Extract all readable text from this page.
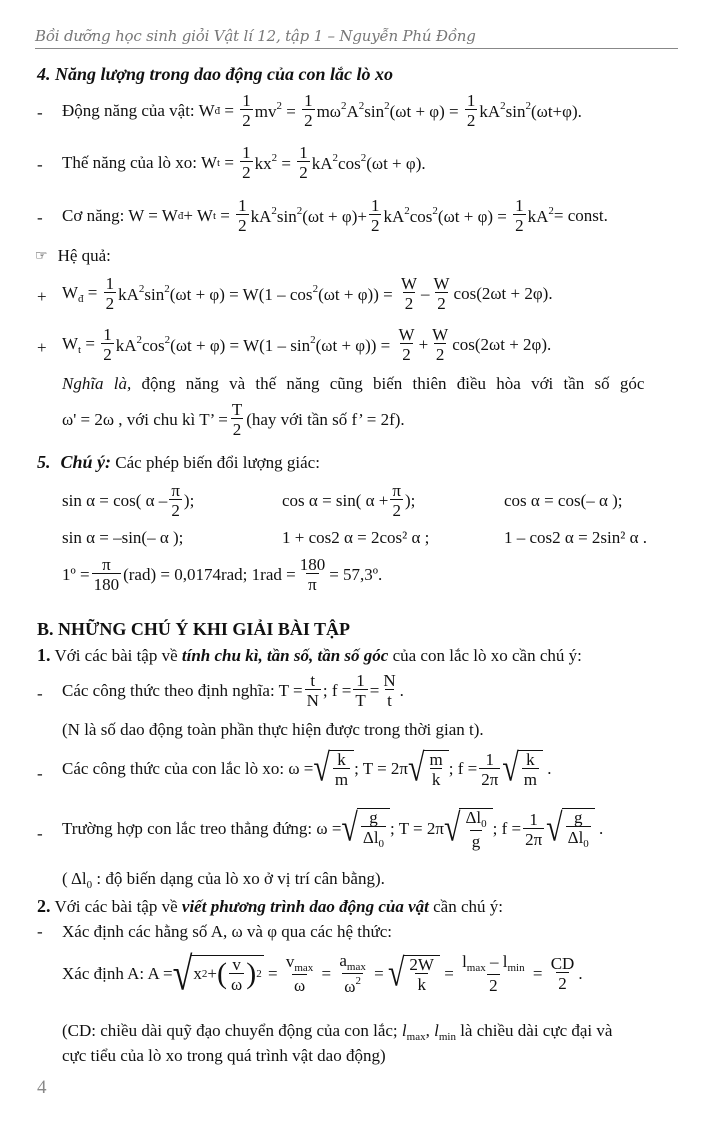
Bồi dưỡng học sinh giỏi Vật lí 12, tập 1 – Nguyễn Phú Đồng
4. Năng lượng trong dao động của con lắc lò xo
- Động năng của vật: W đ = $\frac{1}{2} mv^2 = \frac{1}{2} m\omega^2A^2\sin^2(\omega t + \varphi) = \frac{1}{2} kA^2\sin^2(\omega t+\varphi)$.
- Thế năng của lò xo: W $t = \frac{1}{2} kx^2 = \frac{1}{2} kA^2\cos^2(\omega t + \varphi)$.
- Cơ năng: W = W đ + W $t = \frac{1}{2} kA^2\sin^2(\omega t + \varphi)+ \frac{1}{2} kA^2\cos^2(\omega t + \varphi) = \frac{1}{2} kA^2$ = const.
☞ Hệ quả:
+ $W_đ = \frac{1}{2} kA^2\sin^2(\omega t + \varphi) = W(1 - \cos^2(\omega t + \varphi)) = \frac{W}{2} - \frac{W}{2} \cos(2\omega t + 2\varphi)$.
+ $W_t = \frac{1}{2} kA^2\cos^2(\omega t + \varphi) = W(1 - \sin^2(\omega t + \varphi)) = \frac{W}{2} + \frac{W}{2} \cos(2\omega t + 2\varphi)$.
Nghĩa là, động năng và thế năng cũng biến thiên điều hòa với tần số góc
ω' = 2ω , với chu kì T’ = $\frac{T}{2} (hay$ với tần số f’ = 2f).
5. Chú ý: Các phép biến đổi lượng giác:
sin α = cos( α – $\frac{\pi}{2}$ );	cos α = sin( $\alpha + \frac{\pi}{2}$ );	cos α = cos(– α );
sin α = –sin(– α );	1 + cos2 α = 2cos² α ;	1 – cos2 α = 2sin² α .
1º = $\frac{\pi}{180} (rad) = 0,0174rad$; $1rad = \frac{180}{\pi}$ = 57,3º.
B. NHỮNG CHÚ Ý KHI GIẢI BÀI TẬP
1. Với các bài tập về tính chu kì, tần số, tần số góc của con lắc lò xo cần chú ý:
- Các công thức theo định nghĩa: $T = \frac{t}{N}$ ; $f = \frac{1}{T} = \frac{N}{t}$ .
(N là số dao động toàn phần thực hiện được trong thời gian t).
- Các công thức của con lắc lò xo: ω = √ $\frac{k}{m}$ ; T = 2π √ $\frac{m}{k}$ ; $f = \frac{1}{2\pi}$ √ $\frac{k}{m}$ .
- Trường hợp con lắc treo thẳng đứng: ω = √ $\frac{g}{\Delta l_0}$ ; T = 2π √ $\frac{\Delta l_0}{g}$ ; $f = \frac{1}{2\pi}$ √ $\frac{g}{\Delta l_0}$ .
( $\Delta l_0$ : độ biến dạng của lò xo ở vị trí cân bằng).
2. Với các bài tập về viết phương trình dao động của vật cần chú ý:
- Xác định các hằng số A, ω và φ qua các hệ thức:
Xác định A: A = √ x 2 + ( $\frac{v}{\omega}$ ) $2 = \frac{v_{max}}{\omega} = \frac{a_{max}}{\omega^2}$ = √ $\frac{2W}{k} = \frac{l_{max} - l_{min}}{2} = \frac{CD}{2}$ .
(CD: chiều dài quỹ đạo chuyển động của con lắc; $l_{max}$, $l_{min}$ là chiều dài cực đại và
cực tiểu của lò xo trong quá trình vật dao động)
4
